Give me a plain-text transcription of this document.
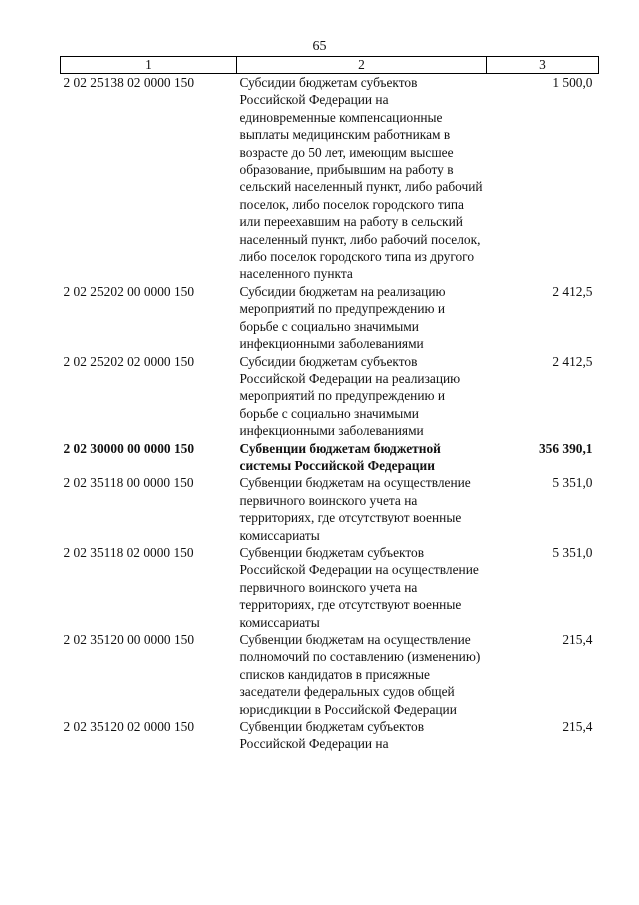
65
1	2	3
2 02 25138 02 0000 150	Субсидии бюджетам субъектов Российской Федерации на единовременные компенсационные выплаты медицинским работникам в возрасте до 50 лет, имеющим высшее образование, прибывшим на работу в сельский населенный пункт, либо рабочий поселок, либо поселок городского типа или переехавшим на работу в сельский населенный пункт, либо рабочий поселок, либо поселок городского типа из другого населенного пункта	1 500,0
2 02 25202 00 0000 150	Субсидии бюджетам на реализацию мероприятий по предупреждению и борьбе с социально значимыми инфекционными заболеваниями	2 412,5
2 02 25202 02 0000 150	Субсидии бюджетам субъектов Российской Федерации на реализацию мероприятий по предупреждению и борьбе с социально значимыми инфекционными заболеваниями	2 412,5
2 02 30000 00 0000 150	Субвенции бюджетам бюджетной системы Российской Федерации	356 390,1
2 02 35118 00 0000 150	Субвенции бюджетам на осуществление первичного воинского учета на территориях, где отсутствуют военные комиссариаты	5 351,0
2 02 35118 02 0000 150	Субвенции бюджетам субъектов Российской Федерации на осуществление первичного воинского учета на территориях, где отсутствуют военные комиссариаты	5 351,0
2 02 35120 00 0000 150	Субвенции бюджетам на осуществление полномочий по составлению (изменению) списков кандидатов в присяжные заседатели федеральных судов общей юрисдикции в Российской Федерации	215,4
2 02 35120 02 0000 150	Субвенции бюджетам субъектов Российской Федерации на	215,4
